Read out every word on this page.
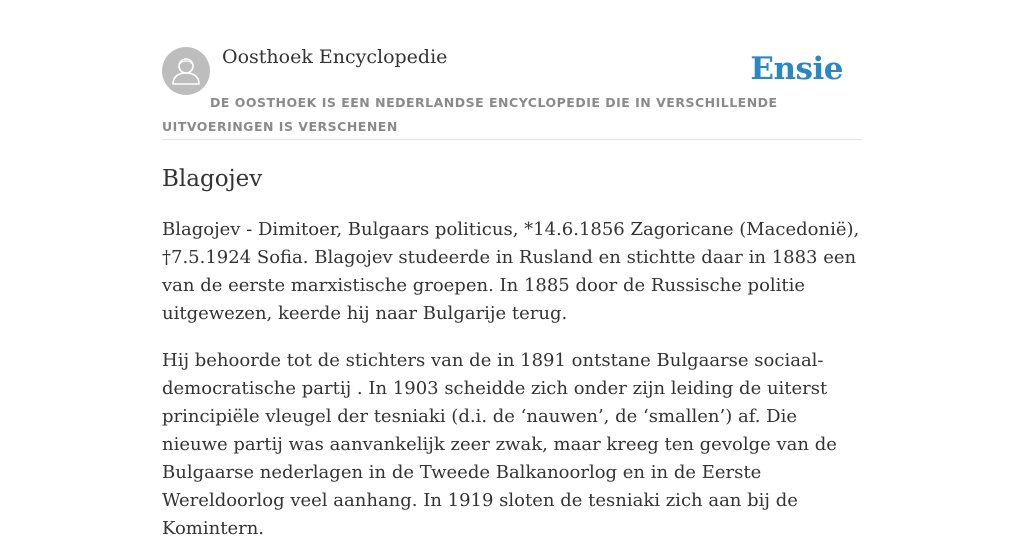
Oosthoek Encyclopedie	Ensie
DE OOSTHOEK IS EEN NEDERLANDSE ENCYCLOPEDIE DIE IN VERSCHILLENDE UITVOERINGEN IS VERSCHENEN
Blagojev

Blagojev - Dimitoer, Bulgaars politicus, *14.6.1856 Zagoricane (Macedonië), †7.5.1924 Sofia. Blagojev studeerde in Rusland en stichtte daar in 1883 een van de eerste marxistische groepen. In 1885 door de Russische politie uitgewezen, keerde hij naar Bulgarije terug.

Hij behoorde tot de stichters van de in 1891 ontstane Bulgaarse sociaal-democratische partij . In 1903 scheidde zich onder zijn leiding de uiterst principiële vleugel der tesniaki (d.i. de ‘nauwen’, de ‘smallen’) af. Die nieuwe partij was aanvankelijk zeer zwak, maar kreeg ten gevolge van de Bulgaarse nederlagen in de Tweede Balkanoorlog en in de Eerste Wereldoorlog veel aanhang. In 1919 sloten de tesniaki zich aan bij de Komintern.
